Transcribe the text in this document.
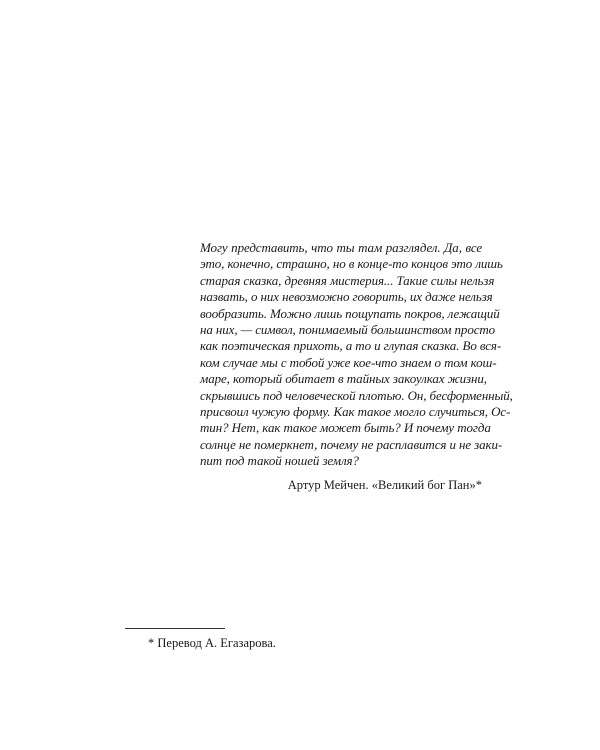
Могу представить, что ты там разглядел. Да, все
это, конечно, страшно, но в конце-то концов это лишь
старая сказка, древняя мистерия... Такие силы нельзя
назвать, о них невозможно говорить, их даже нельзя
вообразить. Можно лишь пощупать покров, лежащий
на них, — символ, понимаемый большинством просто
как поэтическая прихоть, а то и глупая сказка. Во вся-
ком случае мы с тобой уже кое-что знаем о том кош-
маре, который обитает в тайных закоулках жизни,
скрывшись под человеческой плотью. Он, бесформенный,
присвоил чужую форму. Как такое могло случиться, Ос-
тин? Нет, как такое может быть? И почему тогда
солнце не померкнет, почему не расплавится и не заки-
пит под такой ношей земля?

Артур Мейчен. «Великий бог Пан»*

* Перевод А. Егазарова.
